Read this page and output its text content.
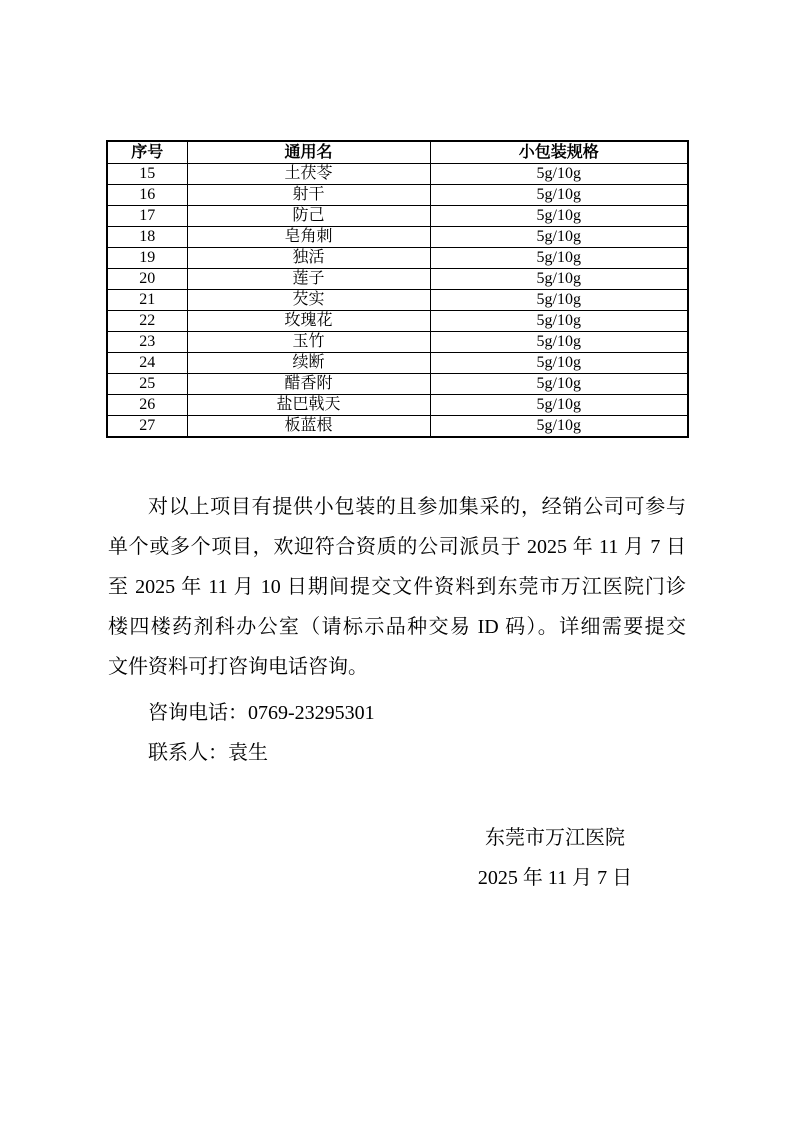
序号	通用名	小包装规格
15	土茯苓	5g/10g
16	射干	5g/10g
17	防己	5g/10g
18	皂角刺	5g/10g
19	独活	5g/10g
20	莲子	5g/10g
21	芡实	5g/10g
22	玫瑰花	5g/10g
23	玉竹	5g/10g
24	续断	5g/10g
25	醋香附	5g/10g
26	盐巴戟天	5g/10g
27	板蓝根	5g/10g
对以上项目有提供小包装的且参加集采的，经销公司可参与
单个或多个项目，欢迎符合资质的公司派员于 2025 年 11 月 7 日
至 2025 年 11 月 10 日期间提交文件资料到东莞市万江医院门诊
楼四楼药剂科办公室（请标示品种交易 ID 码）。详细需要提交
文件资料可打咨询电话咨询。
咨询电话：0769-23295301
联系人：袁生
东莞市万江医院
2025 年 11 月 7 日
